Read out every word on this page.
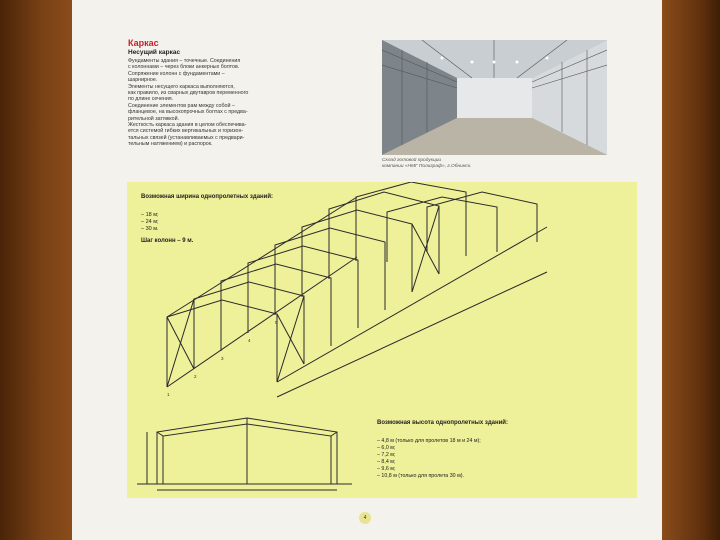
Каркас
Несущий каркас
Фундаменты здания – точечные. Соединения
с колоннами – через блоки анкерных болтов.
Сопряжение колонн с фундаментами –
шарнирное.
Элементы несущего каркаса выполняются,
как правило, из сварных двутавров переменного
по длине сечения.
Соединение элементов рам между собой –
фланцевое, на высокопрочных болтах с предва-
рительной затяжкой.
Жесткость каркаса здания в целом обеспечива-
ется системой гибких вертикальных и горизон-
тальных связей (устанавливаемых с предвари-
тельным натяжением) и распорок.
Склад готовой продукции
компании «НМГ Полиграф», г.Обнинск.
1
2
3
4
5
Возможная ширина однопролетных зданий:
– 18 м;
– 24 м;
– 30 м.
Шаг колонн – 9 м.
Возможная высота однопролетных зданий:
– 4,8 м (только для пролетов 18 м и 24 м);
– 6,0 м;
– 7,2 м;
– 8,4 м;
– 9,6 м;
– 10,8 м (только для пролета 30 м).
4
